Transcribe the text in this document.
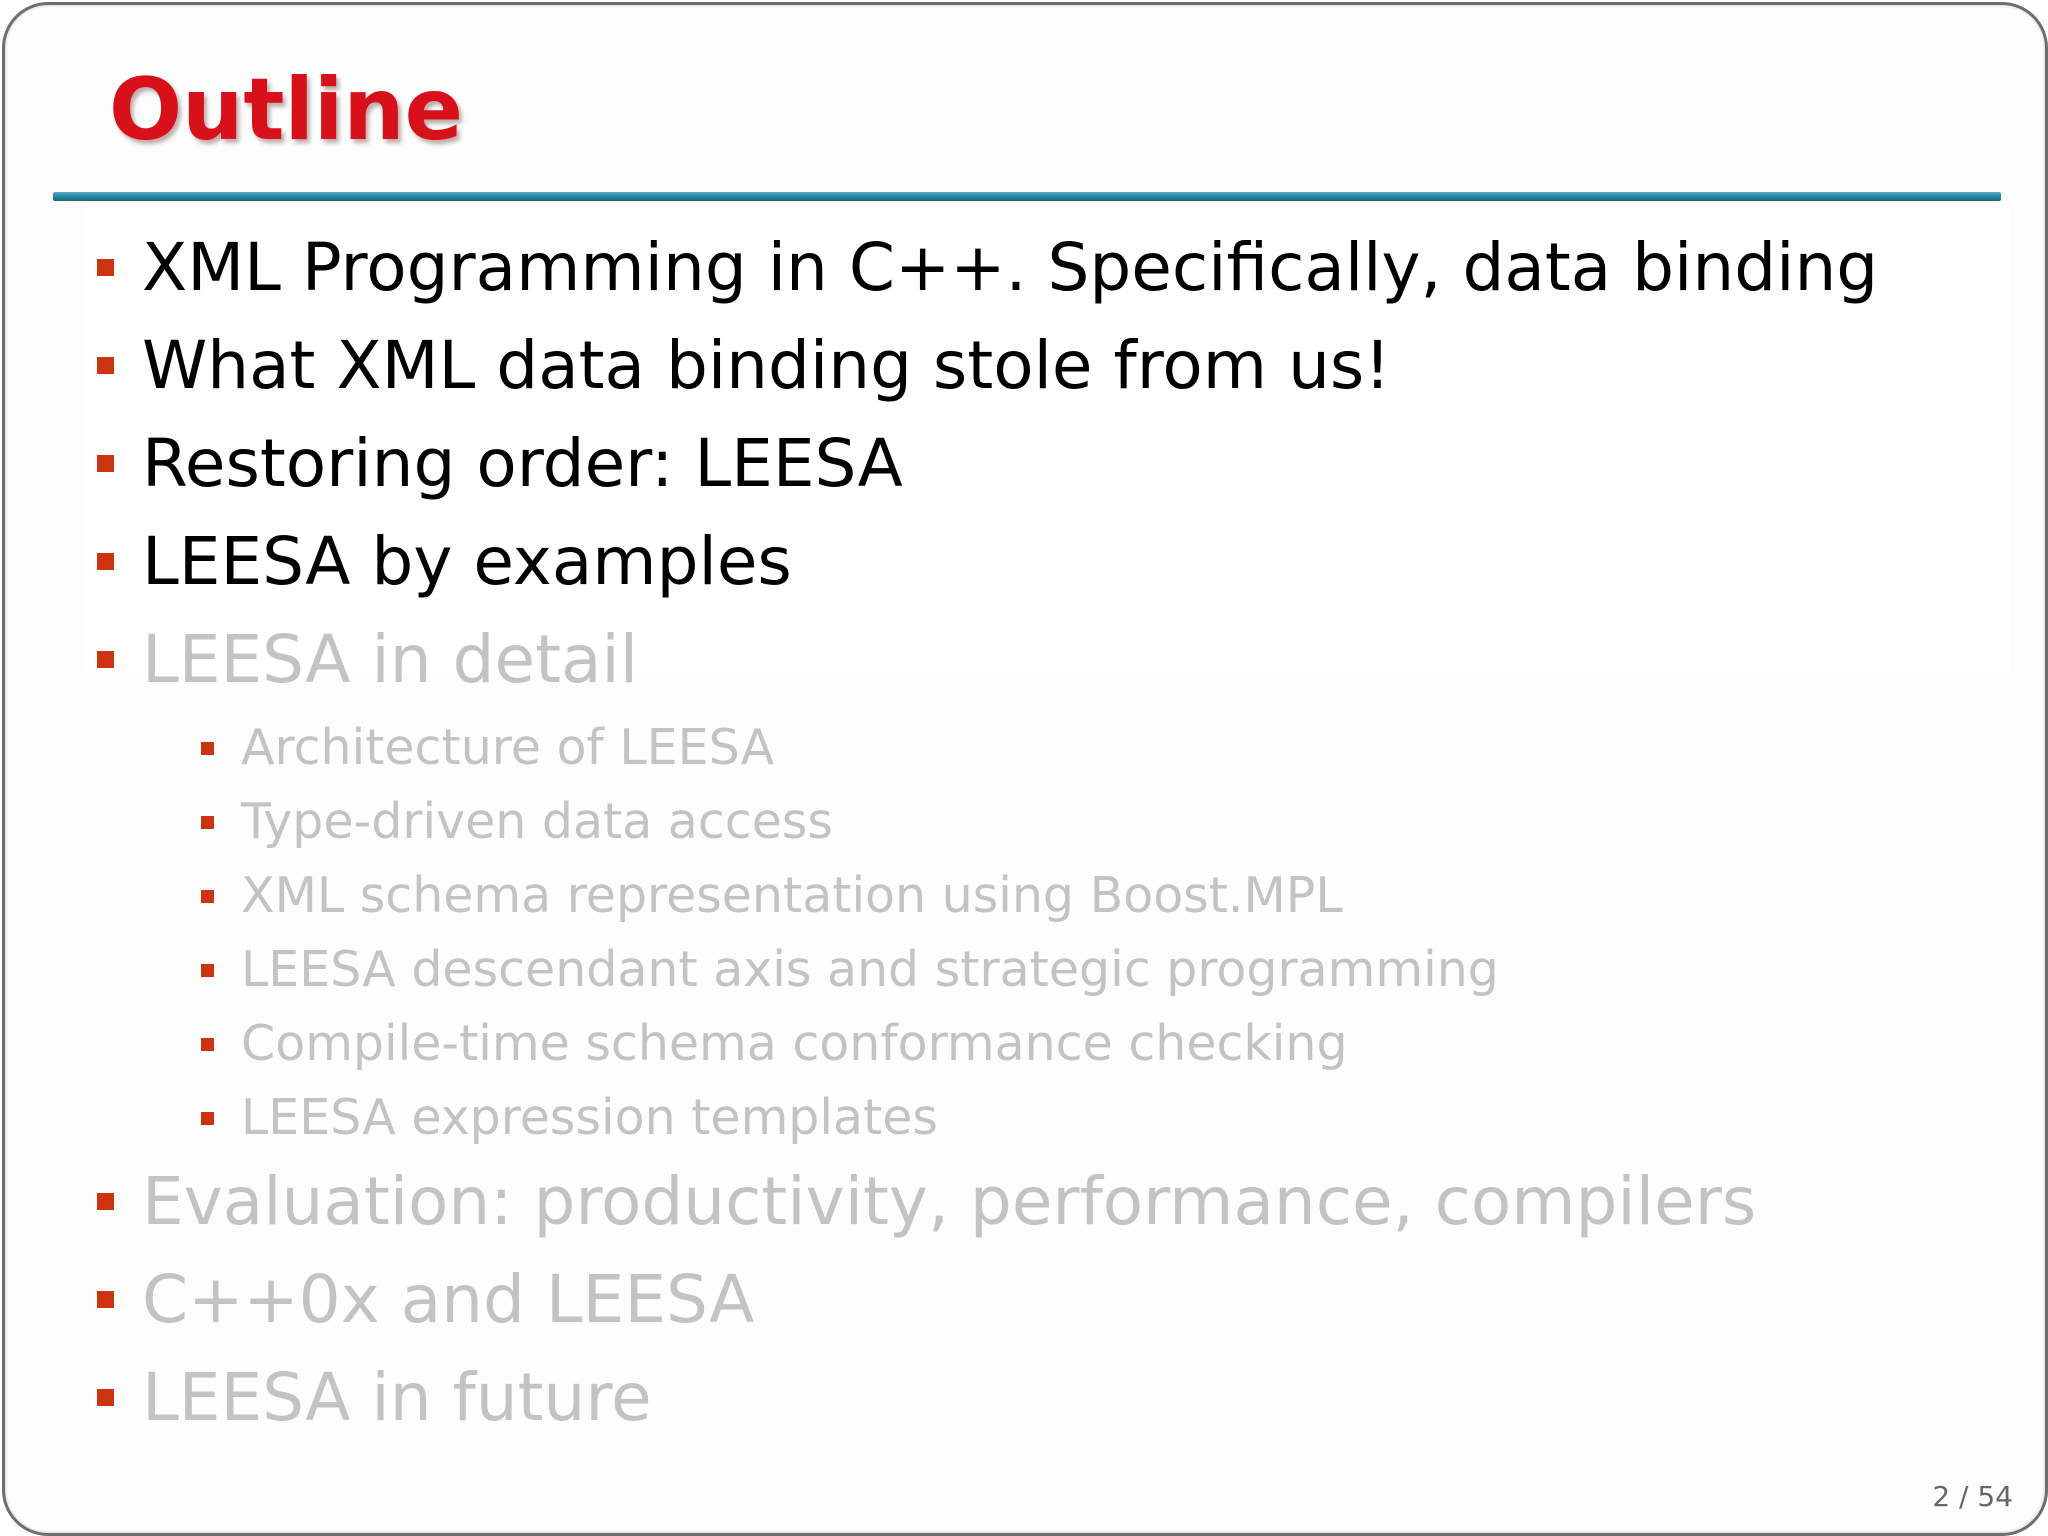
Outline
XML Programming in C++. Specifically, data binding
What XML data binding stole from us!
Restoring order: LEESA
LEESA by examples
LEESA in detail
Architecture of LEESA
Type-driven data access
XML schema representation using Boost.MPL
LEESA descendant axis and strategic programming
Compile-time schema conformance checking
LEESA expression templates
Evaluation: productivity, performance, compilers
C++0x and LEESA
LEESA in future
2 / 54
